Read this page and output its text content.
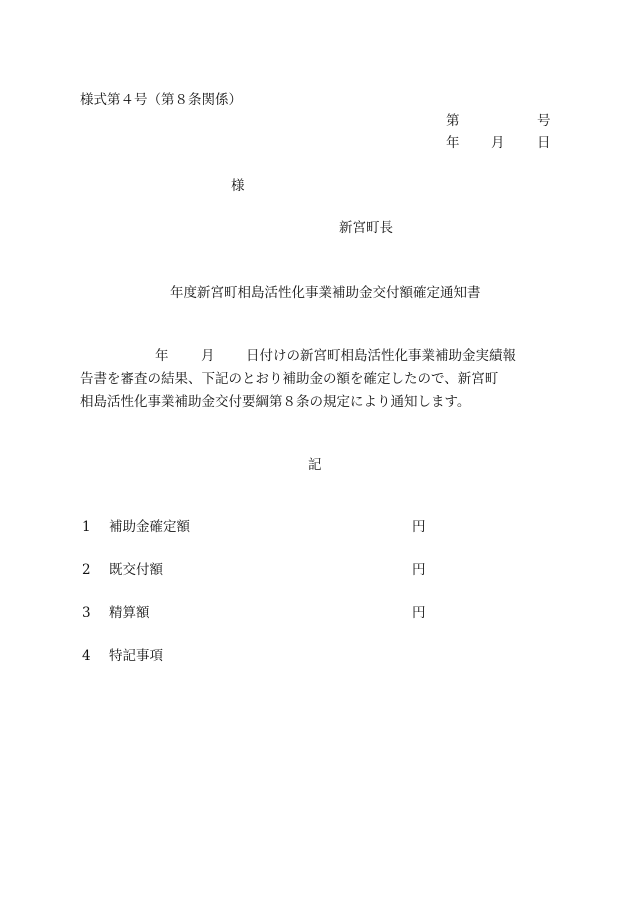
様式第４号（第８条関係）
第	号
年 月 日
様
新宮町長
年度新宮町相島活性化事業補助金交付額確定通知書
年 月 日付けの新宮町相島活性化事業補助金実績報
告書を審査の結果、下記のとおり補助金の額を確定したので、新宮町
相島活性化事業補助金交付要綱第８条の規定により通知します。
記
1 補助金確定額	円
2 既交付額	円
3 精算額	円
4 特記事項
